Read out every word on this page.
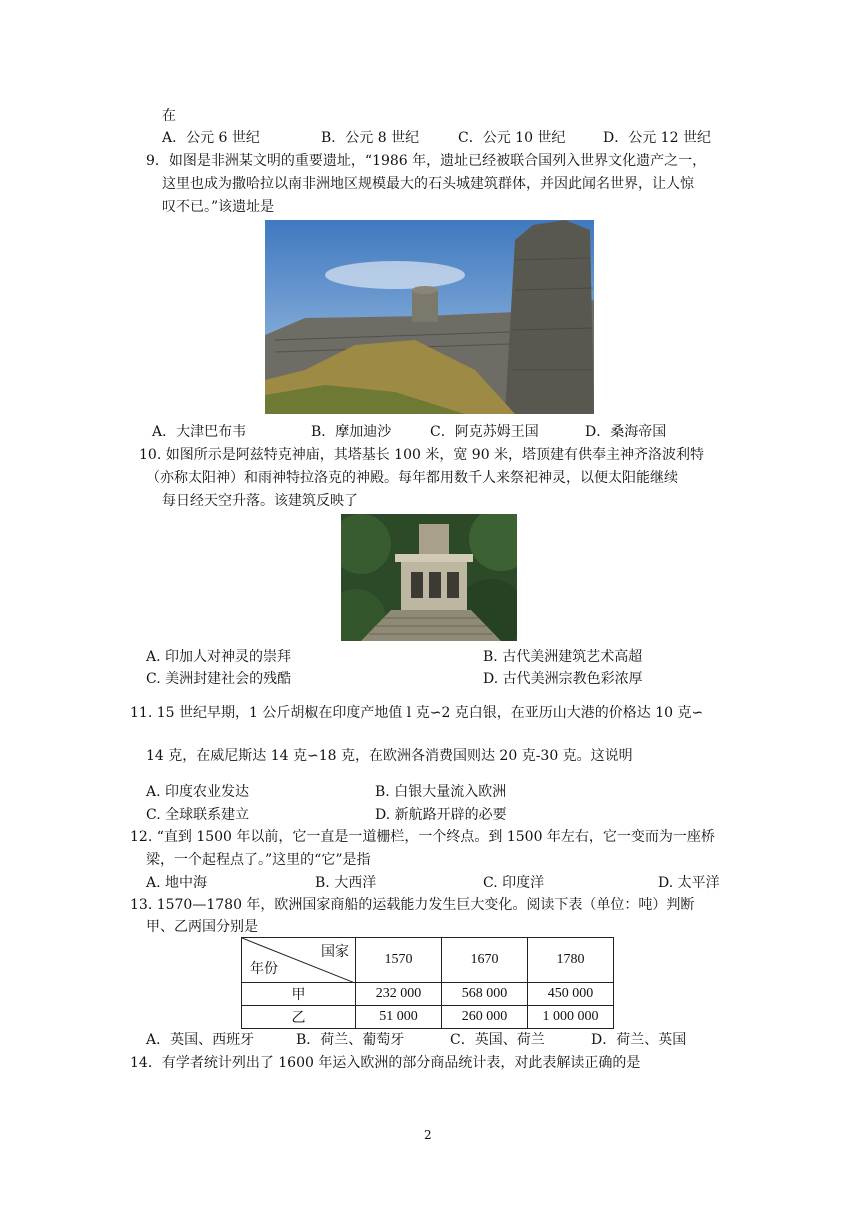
在
A．公元 6 世纪	B．公元 8 世纪	C．公元 10 世纪	D．公元 12 世纪
9．如图是非洲某文明的重要遗址，“1986 年，遗址已经被联合国列入世界文化遗产之一，
这里也成为撒哈拉以南非洲地区规模最大的石头城建筑群体，并因此闻名世界，让人惊
叹不已。”该遗址是
A．大津巴布韦	B．摩加迪沙	C．阿克苏姆王国	D．桑海帝国
10. 如图所示是阿兹特克神庙，其塔基长 100 米，宽 90 米，塔顶建有供奉主神齐洛波利特
（亦称太阳神）和雨神特拉洛克的神殿。每年都用数千人来祭祀神灵，以便太阳能继续
每日经天空升落。该建筑反映了
A. 印加人对神灵的崇拜	B. 古代美洲建筑艺术高超
C. 美洲封建社会的残酷	D. 古代美洲宗教色彩浓厚
11. 15 世纪早期，1 公斤胡椒在印度产地值 l 克∽2 克白银，在亚历山大港的价格达 10 克∽
14 克，在威尼斯达 14 克∽18 克，在欧洲各消费国则达 20 克-30 克。这说明
A. 印度农业发达	B. 白银大量流入欧洲
C. 全球联系建立	D. 新航路开辟的必要
12. “直到 1500 年以前，它一直是一道栅栏，一个终点。到 1500 年左右，它一变而为一座桥
梁，一个起程点了。”这里的“它”是指
A. 地中海	B. 大西洋	C. 印度洋	D. 太平洋
13. 1570—1780 年，欧洲国家商船的运载能力发生巨大变化。阅读下表（单位：吨）判断
甲、乙两国分别是
国家
年份	1570	1670	1780
甲	232 000	568 000	450 000
乙	51 000	260 000	1 000 000
A．英国、西班牙	B．荷兰、葡萄牙	C．英国、荷兰	D．荷兰、英国
14．有学者统计列出了 1600 年运入欧洲的部分商品统计表，对此表解读正确的是
2
